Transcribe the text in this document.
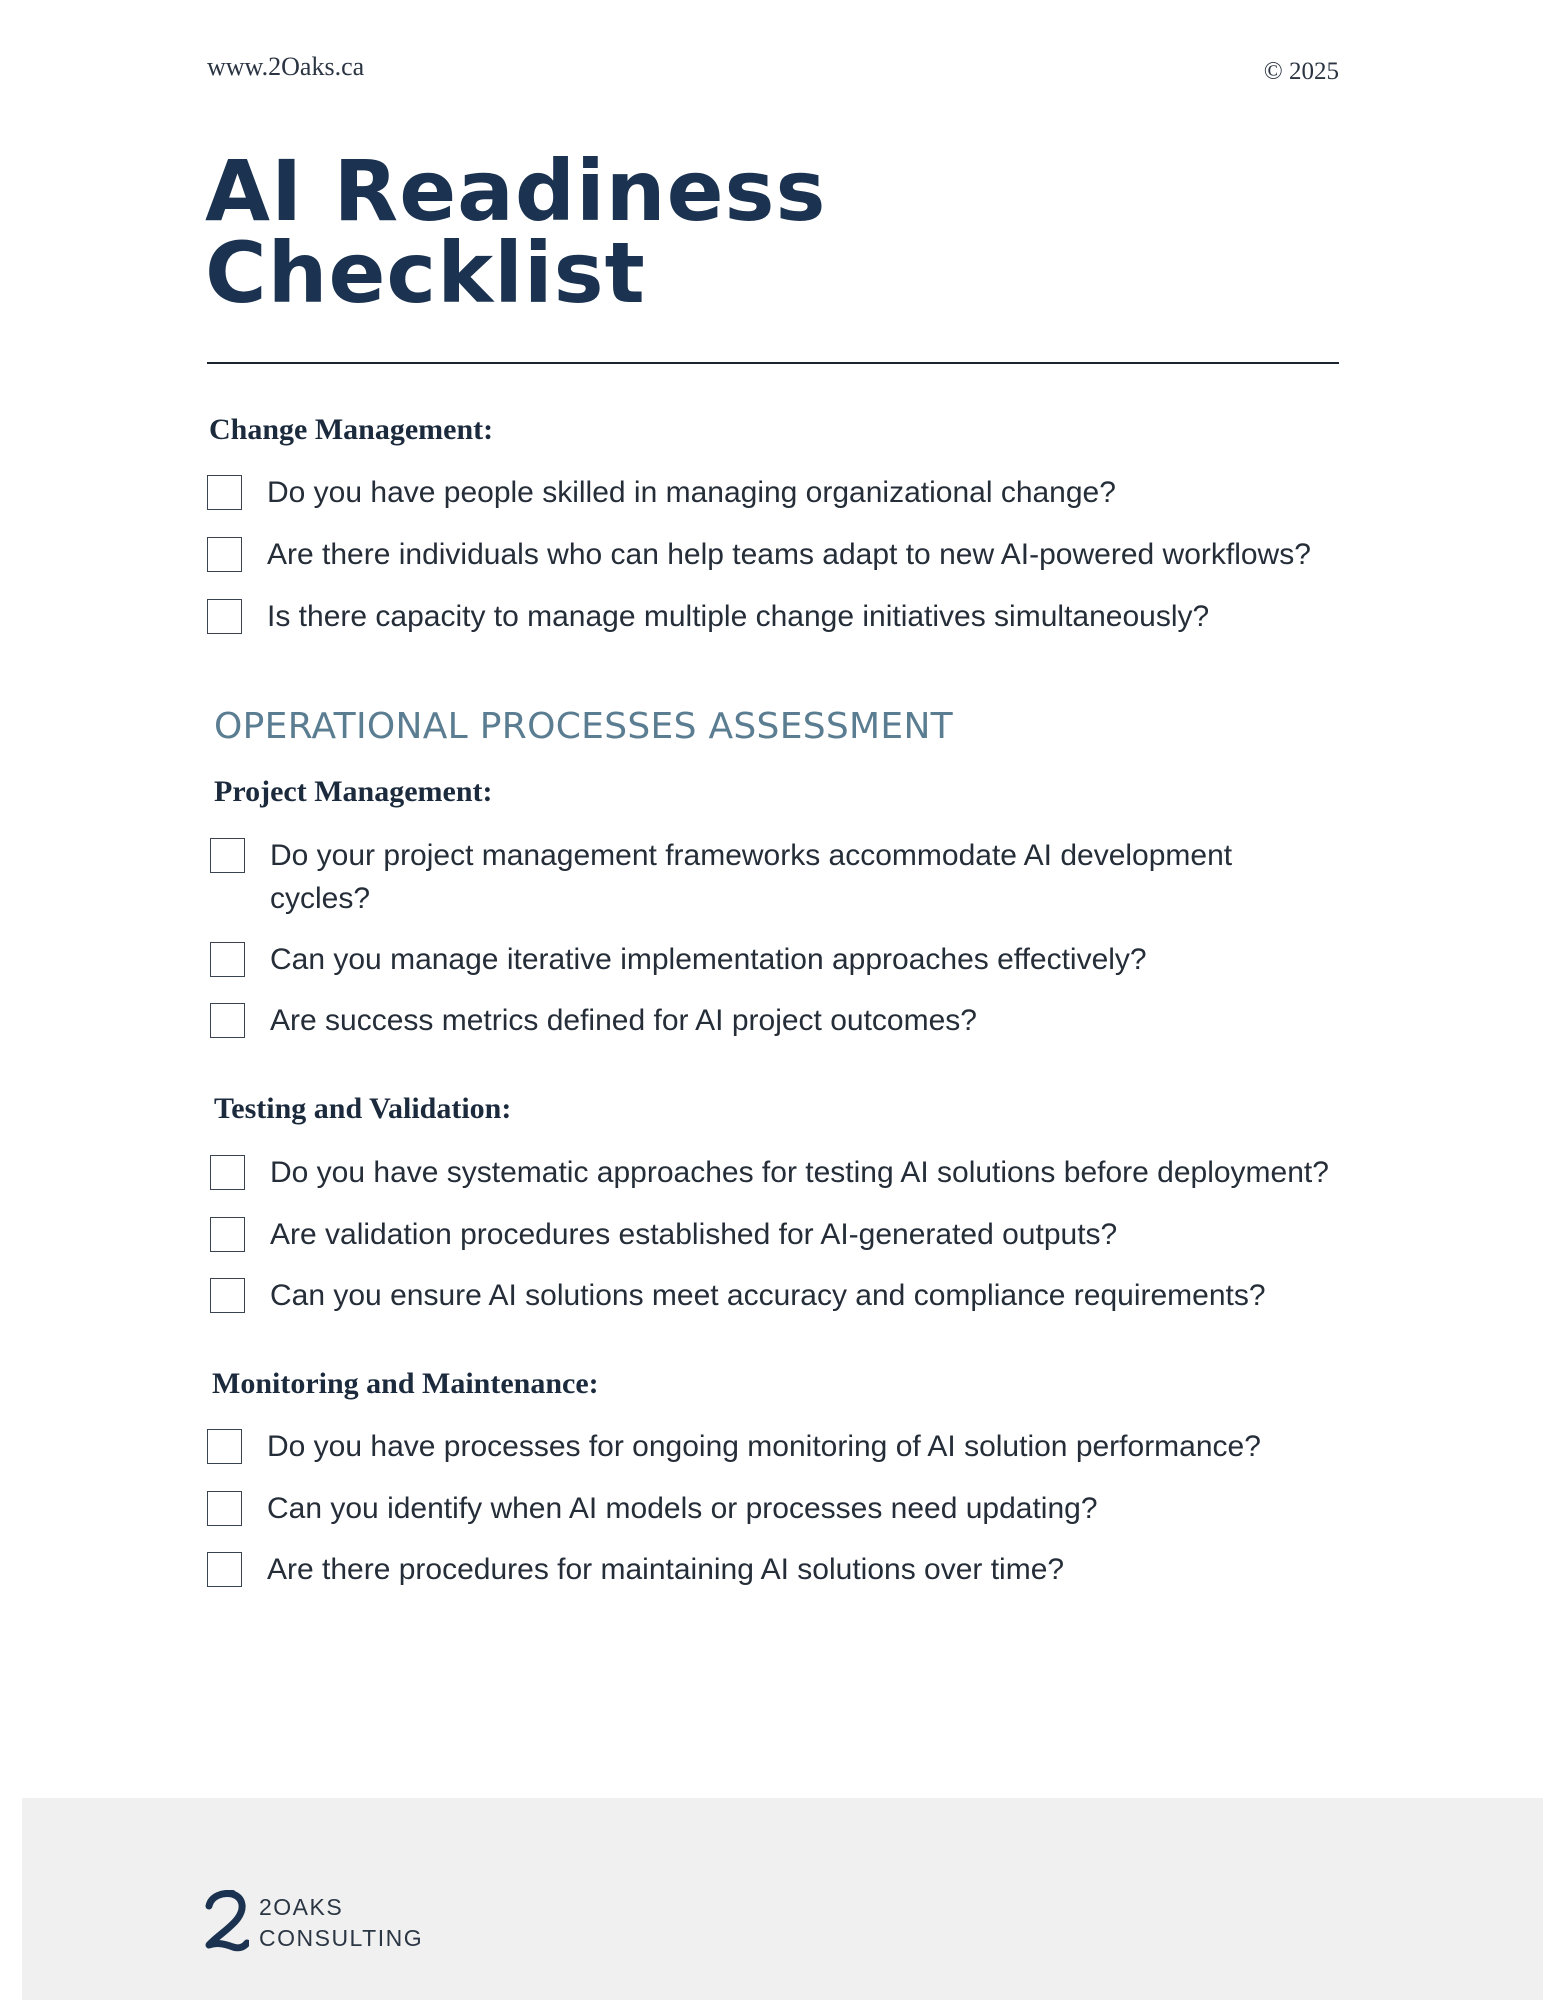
www.2Oaks.ca	© 2025
AI Readiness
Checklist
Change Management:
Do you have people skilled in managing organizational change?
Are there individuals who can help teams adapt to new AI-powered workflows?
Is there capacity to manage multiple change initiatives simultaneously?
OPERATIONAL PROCESSES ASSESSMENT
Project Management:
Do your project management frameworks accommodate AI development cycles?
Can you manage iterative implementation approaches effectively?
Are success metrics defined for AI project outcomes?
Testing and Validation:
Do you have systematic approaches for testing AI solutions before deployment?
Are validation procedures established for AI-generated outputs?
Can you ensure AI solutions meet accuracy and compliance requirements?
Monitoring and Maintenance:
Do you have processes for ongoing monitoring of AI solution performance?
Can you identify when AI models or processes need updating?
Are there procedures for maintaining AI solutions over time?
2OAKS
CONSULTING
